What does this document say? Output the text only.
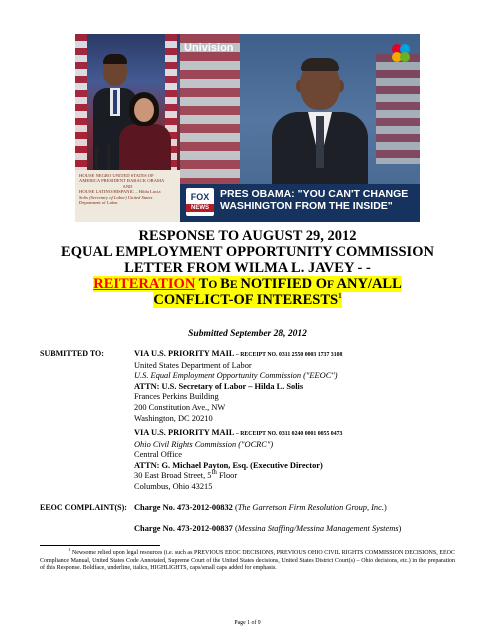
HOUSE NEGRO UNITED STATES OF
AMERICA PRESIDENT BARACK OBAMA
AND
HOUSE LATINO/HISPANIC – Hilda Lucia
Solis (Secretary of Labor) United States
Department of Labor
Univision
FOX
NEWS
PRES OBAMA: "YOU CAN'T CHANGE
WASHINGTON FROM THE INSIDE"
RESPONSE TO AUGUST 29, 2012
EQUAL EMPLOYMENT OPPORTUNITY COMMISSION
LETTER FROM WILMA L. JAVEY - -
REITERATION TO BE NOTIFIED OF ANY/ALL
CONFLICT-OF INTERESTS$^1$
Submitted September 28, 2012
SUBMITTED TO:	VIA U.S. PRIORITY MAIL – RECEIPT NO. 0311 2550 0003 1737 3108
United States Department of Labor
U.S. Equal Employment Opportunity Commission ("EEOC")
ATTN: U.S. Secretary of Labor – Hilda L. Solis
Frances Perkins Building
200 Constitution Ave., NW
Washington, DC 20210
VIA U.S. PRIORITY MAIL – RECEIPT NO. 0311 0240 0001 0055 0473
Ohio Civil Rights Commission ("OCRC")
Central Office
ATTN: G. Michael Payton, Esq. (Executive Director)
30 East Broad Street, 5th Floor
Columbus, Ohio 43215
EEOC COMPLAINT(S): Charge No. 473-2012-00832 (The Garretson Firm Resolution Group, Inc.)
Charge No. 473-2012-00837 (Messina Staffing/Messina Management Systems)
$^1$ Newsome relied upon legal resources (i.e. such as PREVIOUS EEOC DECISIONS, PREVIOUS OHIO CIVIL RIGHTS COMMISSION DECISIONS, EEOC Compliance Manual, United States Code Annotated, Supreme Court of the United States decisions, United States District Court(s) – Ohio decisions, etc.) in the preparation of this Response. Boldface, underline, italics, HIGHLIGHTS, caps/small caps added for emphasis.
Page 1 of 9
